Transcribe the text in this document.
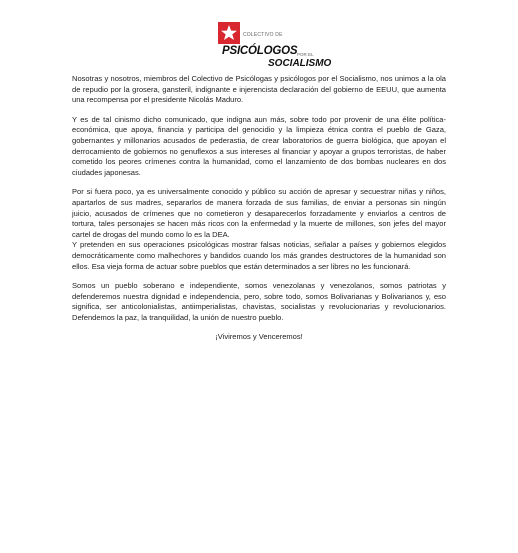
COLECTIVO DE
PSICÓLOGOS POR EL
SOCIALISMO

Nosotras y nosotros, miembros del Colectivo de Psicólogas y psicólogos por el Socialismo, nos unimos a la ola de repudio por la grosera, gansteril, indignante e injerencista declaración del gobierno de EEUU, que aumenta una recompensa por el presidente Nicolás Maduro.

Y es de tal cinismo dicho comunicado, que indigna aun más, sobre todo por provenir de una élite política-económica, que apoya, financia y participa del genocidio y la limpieza étnica contra el pueblo de Gaza, gobernantes y millonarios acusados de pederastia, de crear laboratorios de guerra biológica, que apoyan el derrocamiento de gobiernos no genuflexos a sus intereses al financiar y apoyar a grupos terroristas, de haber cometido los peores crímenes contra la humanidad, como el lanzamiento de dos bombas nucleares en dos ciudades japonesas.

Por si fuera poco, ya es universalmente conocido y público su acción de apresar y secuestrar niñas y niños, apartarlos de sus madres, separarlos de manera forzada de sus familias, de enviar a personas sin ningún juicio, acusados de crímenes que no cometieron y desaparecerlos forzadamente y enviarlos a centros de tortura, tales personajes se hacen más ricos con la enfermedad y la muerte de millones, son jefes del mayor cartel de drogas del mundo como lo es la DEA.

Y pretenden en sus operaciones psicológicas mostrar falsas noticias, señalar a países y gobiernos elegidos democráticamente como malhechores y bandidos cuando los más grandes destructores de la humanidad son ellos. Esa vieja forma de actuar sobre pueblos que están determinados a ser libres no les funcionará.

Somos un pueblo soberano e independiente, somos venezolanas y venezolanos, somos patriotas y defenderemos nuestra dignidad e independencia, pero, sobre todo, somos Bolivarianas y Bolivarianos y, eso significa, ser anticolonialistas, antiimperialistas, chavistas, socialistas y revolucionarias y revolucionarios. Defendemos la paz, la tranquilidad, la unión de nuestro pueblo.

¡Viviremos y Venceremos!
